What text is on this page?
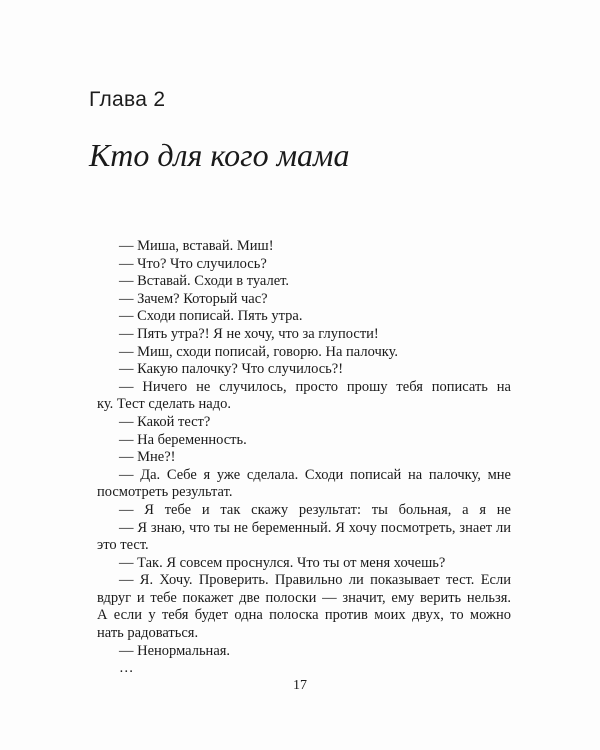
Глава 2
Кто для кого мама
— Миша, вставай. Миш!
— Что? Что случилось?
— Вставай. Сходи в туалет.
— Зачем? Который час?
— Сходи пописай. Пять утра.
— Пять утра?! Я не хочу, что за глупости!
— Миш, сходи пописай, говорю. На палочку.
— Какую палочку? Что случилось?!
— Ничего не случилось, просто прошу тебя пописать на
ку. Тест сделать надо.
— Какой тест?
— На беременность.
— Мне?!
— Да. Себе я уже сделала. Сходи пописай на палочку, мне
посмотреть результат.
— Я тебе и так скажу результат: ты больная, а я не
— Я знаю, что ты не беременный. Я хочу посмотреть, знает ли
это тест.
— Так. Я совсем проснулся. Что ты от меня хочешь?
— Я. Хочу. Проверить. Правильно ли показывает тест. Если
вдруг и тебе покажет две полоски — значит, ему верить нельзя.
А если у тебя будет одна полоска против моих двух, то можно
нать радоваться.
— Ненормальная.
…
17
